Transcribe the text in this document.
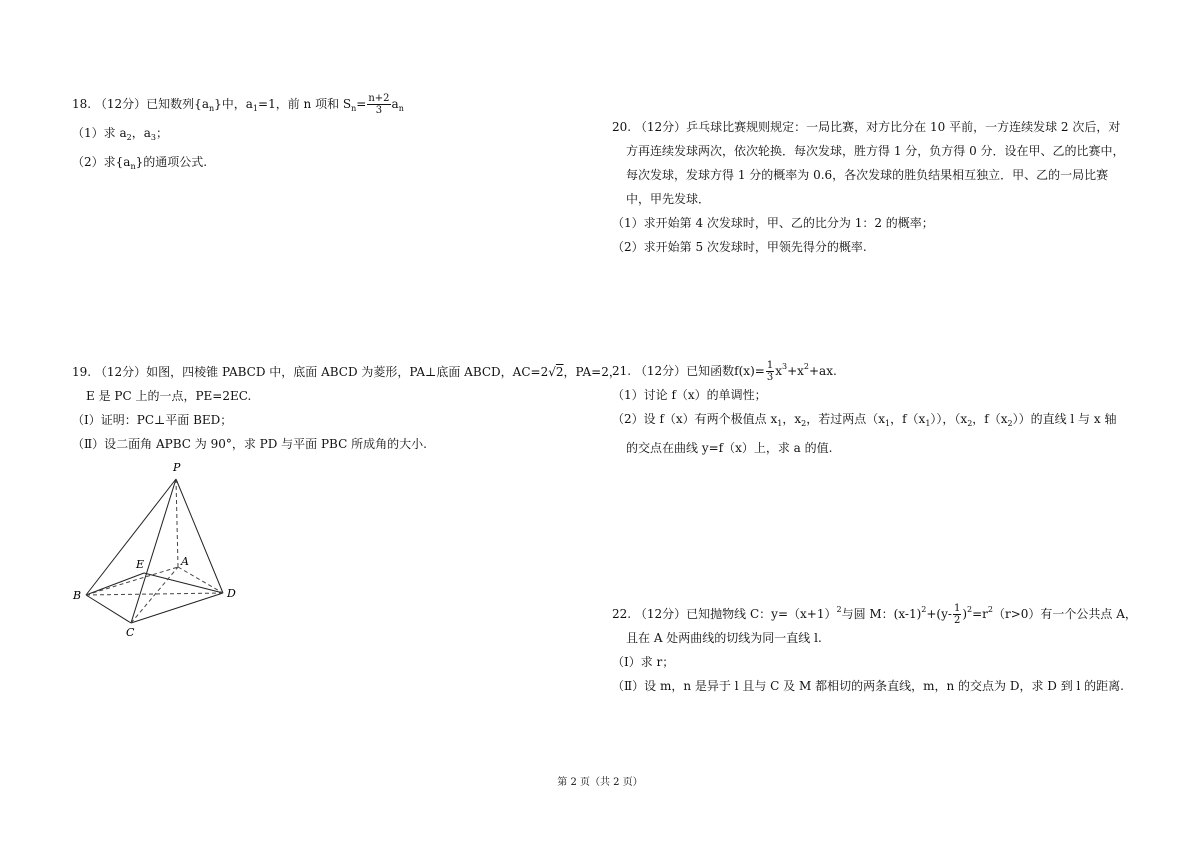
18. （12分）已知数列$\{a_n\}$中，$a_1=1$，前 n 项和 $S_n= \frac{n+2}{3} a_n$
（1）求 $a_2$，$a_3$；
（2）求$\{a_n\}$的通项公式.
19. （12分）如图，四棱锥 PABCD 中，底面 ABCD 为菱形，PA⊥底面 ABCD，AC=2√2，PA=2，
E 是 PC 上的一点，PE=2EC.
（Ⅰ）证明：PC⊥平面 BED；
（Ⅱ）设二面角 APBC 为 90°，求 PD 与平面 PBC 所成角的大小.
P
E	A
B	D
C
20. （12分）乒乓球比赛规则规定：一局比赛，对方比分在 10 平前，一方连续发球 2 次后，对
方再连续发球两次，依次轮换．每次发球，胜方得 1 分，负方得 0 分．设在甲、乙的比赛中，
每次发球，发球方得 1 分的概率为 0.6，各次发球的胜负结果相互独立．甲、乙的一局比赛
中，甲先发球．
（1）求开始第 4 次发球时，甲、乙的比分为 1：2 的概率；
（2）求开始第 5 次发球时，甲领先得分的概率.
21. （12分）已知函数$f(x)= \frac{1}{3} x^3+x^2+ax$.
（1）讨论 f（x）的单调性；
（2）设 f（x）有两个极值点 $x_1$，$x_2$，若过两点（$x_1$，$f(x_1)$），（$x_2$，$f(x_2)$）的直线 l 与 x 轴
的交点在曲线 y=f（x）上，求 a 的值.
22. （12分）已知抛物线 C：$y=(x+1)^2$与圆 M：$(x-1)^2+(y- \frac{1}{2} )^2=r^2(r>0)$有一个公共点 A，
且在 A 处两曲线的切线为同一直线 l.
（Ⅰ）求 r；
（Ⅱ）设 m，n 是异于 l 且与 C 及 M 都相切的两条直线，m，n 的交点为 D，求 D 到 l 的距离.
第 2 页（共 2 页）
